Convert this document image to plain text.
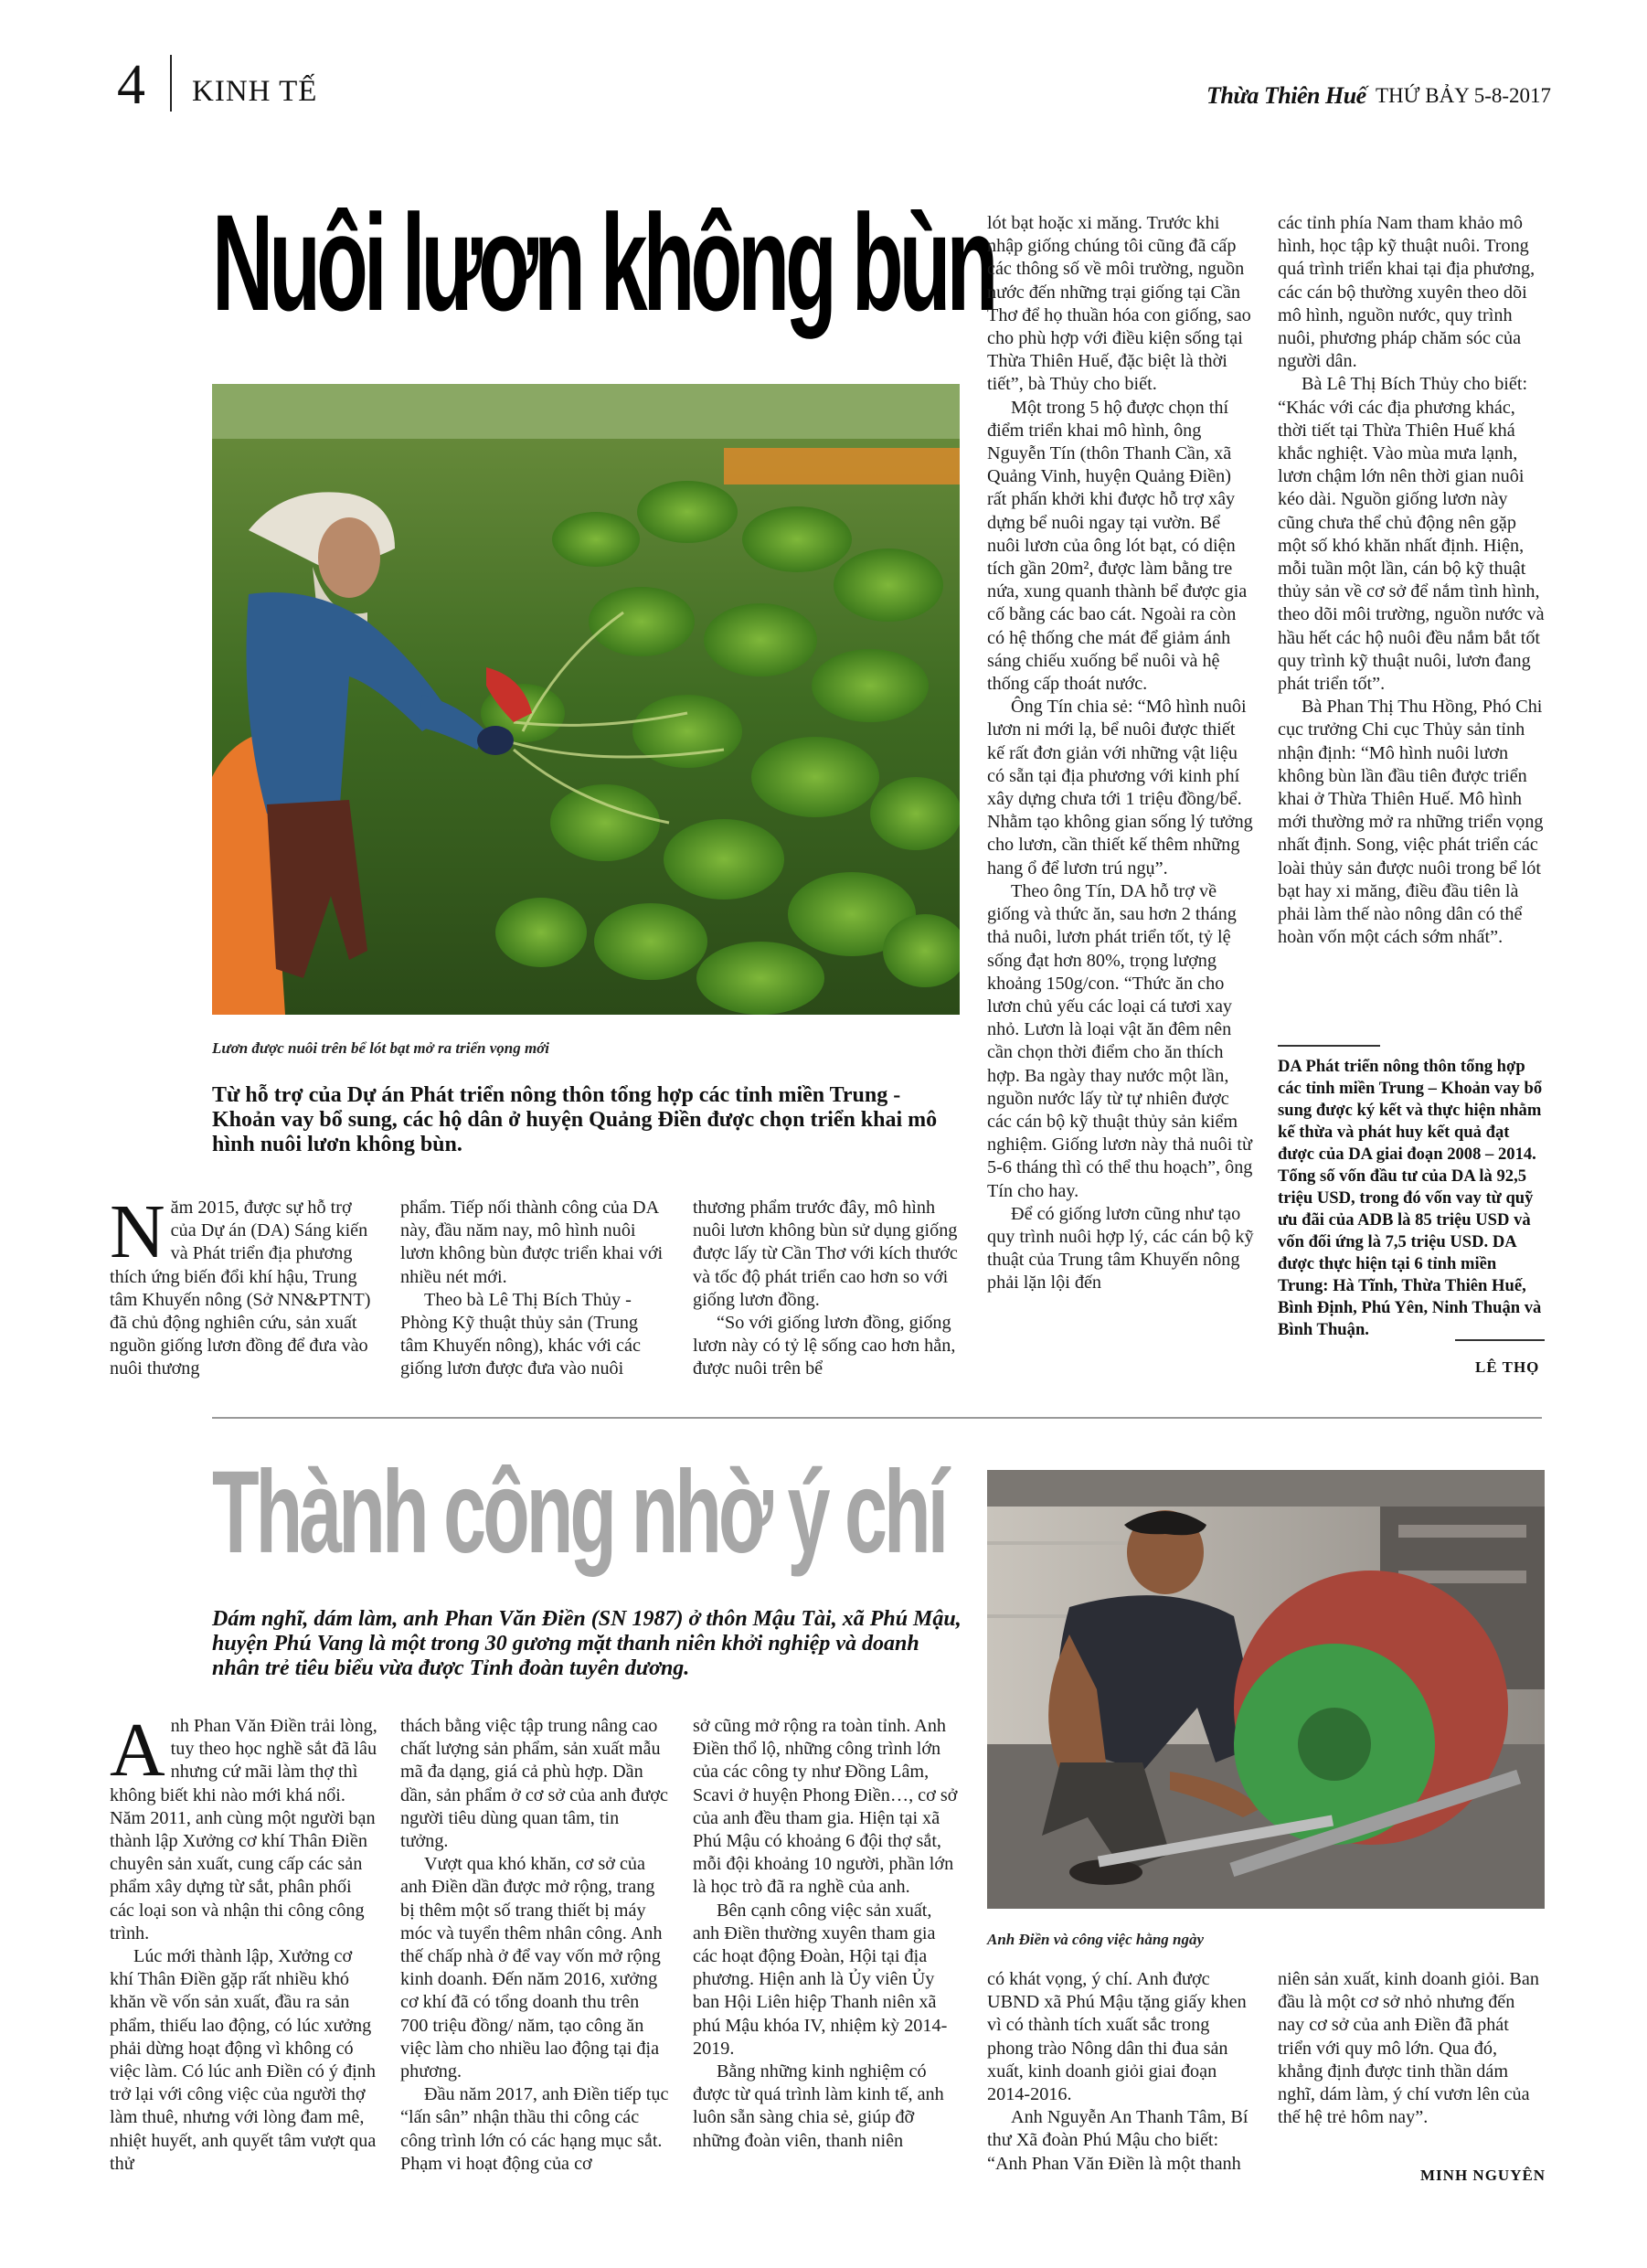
4 KINH TẾ	Thừa Thiên Huế THỨ BẢY 5-8-2017
Nuôi lươn không bùn
Lươn được nuôi trên bể lót bạt mở ra triển vọng mới
Từ hỗ trợ của Dự án Phát triển nông thôn tổng hợp các tỉnh miền Trung - Khoản vay bổ sung, các hộ dân ở huyện Quảng Điền được chọn triển khai mô hình nuôi lươn không bùn.

Năm 2015, được sự hỗ trợ của Dự án (DA) Sáng kiến và Phát triển địa phương thích ứng biến đổi khí hậu, Trung tâm Khuyến nông (Sở NN&PTNT) đã chủ động nghiên cứu, sản xuất nguồn giống lươn đồng để đưa vào nuôi thương

phẩm. Tiếp nối thành công của DA này, đầu năm nay, mô hình nuôi lươn không bùn được triển khai với nhiều nét mới.

Theo bà Lê Thị Bích Thủy - Phòng Kỹ thuật thủy sản (Trung tâm Khuyến nông), khác với các giống lươn được đưa vào nuôi

thương phẩm trước đây, mô hình nuôi lươn không bùn sử dụng giống được lấy từ Cần Thơ với kích thước và tốc độ phát triển cao hơn so với giống lươn đồng.

“So với giống lươn đồng, giống lươn này có tỷ lệ sống cao hơn hẳn, được nuôi trên bể

lót bạt hoặc xi măng. Trước khi nhập giống chúng tôi cũng đã cấp các thông số về môi trường, nguồn nước đến những trại giống tại Cần Thơ để họ thuần hóa con giống, sao cho phù hợp với điều kiện sống tại Thừa Thiên Huế, đặc biệt là thời tiết”, bà Thủy cho biết.

Một trong 5 hộ được chọn thí điểm triển khai mô hình, ông Nguyễn Tín (thôn Thanh Cần, xã Quảng Vinh, huyện Quảng Điền) rất phấn khởi khi được hỗ trợ xây dựng bể nuôi ngay tại vườn. Bể nuôi lươn của ông lót bạt, có diện tích gần 20m², được làm bằng tre nứa, xung quanh thành bể được gia cố bằng các bao cát. Ngoài ra còn có hệ thống che mát để giảm ánh sáng chiếu xuống bể nuôi và hệ thống cấp thoát nước.

Ông Tín chia sẻ: “Mô hình nuôi lươn ni mới lạ, bể nuôi được thiết kế rất đơn giản với những vật liệu có sẵn tại địa phương với kinh phí xây dựng chưa tới 1 triệu đồng/bể. Nhằm tạo không gian sống lý tưởng cho lươn, cần thiết kế thêm những hang ổ để lươn trú ngụ”.

Theo ông Tín, DA hỗ trợ về giống và thức ăn, sau hơn 2 tháng thả nuôi, lươn phát triển tốt, tỷ lệ sống đạt hơn 80%, trọng lượng khoảng 150g/con. “Thức ăn cho lươn chủ yếu các loại cá tươi xay nhỏ. Lươn là loại vật ăn đêm nên cần chọn thời điểm cho ăn thích hợp. Ba ngày thay nước một lần, nguồn nước lấy từ tự nhiên được các cán bộ kỹ thuật thủy sản kiểm nghiệm. Giống lươn này thả nuôi từ 5-6 tháng thì có thể thu hoạch”, ông Tín cho hay.

Để có giống lươn cũng như tạo quy trình nuôi hợp lý, các cán bộ kỹ thuật của Trung tâm Khuyến nông phải lặn lội đến

các tỉnh phía Nam tham khảo mô hình, học tập kỹ thuật nuôi. Trong quá trình triển khai tại địa phương, các cán bộ thường xuyên theo dõi mô hình, nguồn nước, quy trình nuôi, phương pháp chăm sóc của người dân.

Bà Lê Thị Bích Thủy cho biết: “Khác với các địa phương khác, thời tiết tại Thừa Thiên Huế khá khắc nghiệt. Vào mùa mưa lạnh, lươn chậm lớn nên thời gian nuôi kéo dài. Nguồn giống lươn này cũng chưa thể chủ động nên gặp một số khó khăn nhất định. Hiện, mỗi tuần một lần, cán bộ kỹ thuật thủy sản về cơ sở để nắm tình hình, theo dõi môi trường, nguồn nước và hầu hết các hộ nuôi đều nắm bắt tốt quy trình kỹ thuật nuôi, lươn đang phát triển tốt”.

Bà Phan Thị Thu Hồng, Phó Chi cục trưởng Chi cục Thủy sản tỉnh nhận định: “Mô hình nuôi lươn không bùn lần đầu tiên được triển khai ở Thừa Thiên Huế. Mô hình mới thường mở ra những triển vọng nhất định. Song, việc phát triển các loài thủy sản được nuôi trong bể lót bạt hay xi măng, điều đầu tiên là phải làm thế nào nông dân có thể hoàn vốn một cách sớm nhất”.

DA Phát triển nông thôn tổng hợp các tỉnh miền Trung – Khoản vay bổ sung được ký kết và thực hiện nhằm kế thừa và phát huy kết quả đạt được của DA giai đoạn 2008 – 2014. Tổng số vốn đầu tư của DA là 92,5 triệu USD, trong đó vốn vay từ quỹ ưu đãi của ADB là 85 triệu USD và vốn đối ứng là 7,5 triệu USD. DA được thực hiện tại 6 tỉnh miền Trung: Hà Tĩnh, Thừa Thiên Huế, Bình Định, Phú Yên, Ninh Thuận và Bình Thuận.
LÊ THỌ
Thành công nhờ ý chí
Anh Điền và công việc hằng ngày
Dám nghĩ, dám làm, anh Phan Văn Điền (SN 1987) ở thôn Mậu Tài, xã Phú Mậu, huyện Phú Vang là một trong 30 gương mặt thanh niên khởi nghiệp và doanh nhân trẻ tiêu biểu vừa được Tỉnh đoàn tuyên dương.

Anh Phan Văn Điền trải lòng, tuy theo học nghề sắt đã lâu nhưng cứ mãi làm thợ thì không biết khi nào mới khá nổi. Năm 2011, anh cùng một người bạn thành lập Xưởng cơ khí Thân Điền chuyên sản xuất, cung cấp các sản phẩm xây dựng từ sắt, phân phối các loại son và nhận thi công công trình.

Lúc mới thành lập, Xưởng cơ khí Thân Điền gặp rất nhiều khó khăn về vốn sản xuất, đầu ra sản phẩm, thiếu lao động, có lúc xưởng phải dừng hoạt động vì không có việc làm. Có lúc anh Điền có ý định trở lại với công việc của người thợ làm thuê, nhưng với lòng đam mê, nhiệt huyết, anh quyết tâm vượt qua thử

thách bằng việc tập trung nâng cao chất lượng sản phẩm, sản xuất mẫu mã đa dạng, giá cả phù hợp. Dần dần, sản phẩm ở cơ sở của anh được người tiêu dùng quan tâm, tin tưởng.

Vượt qua khó khăn, cơ sở của anh Điền dần được mở rộng, trang bị thêm một số trang thiết bị máy móc và tuyển thêm nhân công. Anh thế chấp nhà ở để vay vốn mở rộng kinh doanh. Đến năm 2016, xưởng cơ khí đã có tổng doanh thu trên 700 triệu đồng/ năm, tạo công ăn việc làm cho nhiều lao động tại địa phương.

Đầu năm 2017, anh Điền tiếp tục “lấn sân” nhận thầu thi công các công trình lớn có các hạng mục sắt. Phạm vi hoạt động của cơ

sở cũng mở rộng ra toàn tỉnh. Anh Điền thổ lộ, những công trình lớn của các công ty như Đồng Lâm, Scavi ở huyện Phong Điền…, cơ sở của anh đều tham gia. Hiện tại xã Phú Mậu có khoảng 6 đội thợ sắt, mỗi đội khoảng 10 người, phần lớn là học trò đã ra nghề của anh.

Bên cạnh công việc sản xuất, anh Điền thường xuyên tham gia các hoạt động Đoàn, Hội tại địa phương. Hiện anh là Ủy viên Ủy ban Hội Liên hiệp Thanh niên xã phú Mậu khóa IV, nhiệm kỳ 2014-2019.

Bằng những kinh nghiệm có được từ quá trình làm kinh tế, anh luôn sẵn sàng chia sẻ, giúp đỡ những đoàn viên, thanh niên

có khát vọng, ý chí. Anh được UBND xã Phú Mậu tặng giấy khen vì có thành tích xuất sắc trong phong trào Nông dân thi đua sản xuất, kinh doanh giỏi giai đoạn 2014-2016.

Anh Nguyễn An Thanh Tâm, Bí thư Xã đoàn Phú Mậu cho biết: “Anh Phan Văn Điền là một thanh

niên sản xuất, kinh doanh giỏi. Ban đầu là một cơ sở nhỏ nhưng đến nay cơ sở của anh Điền đã phát triển với quy mô lớn. Qua đó, khẳng định được tinh thần dám nghĩ, dám làm, ý chí vươn lên của thế hệ trẻ hôm nay”.

MINH NGUYÊN
